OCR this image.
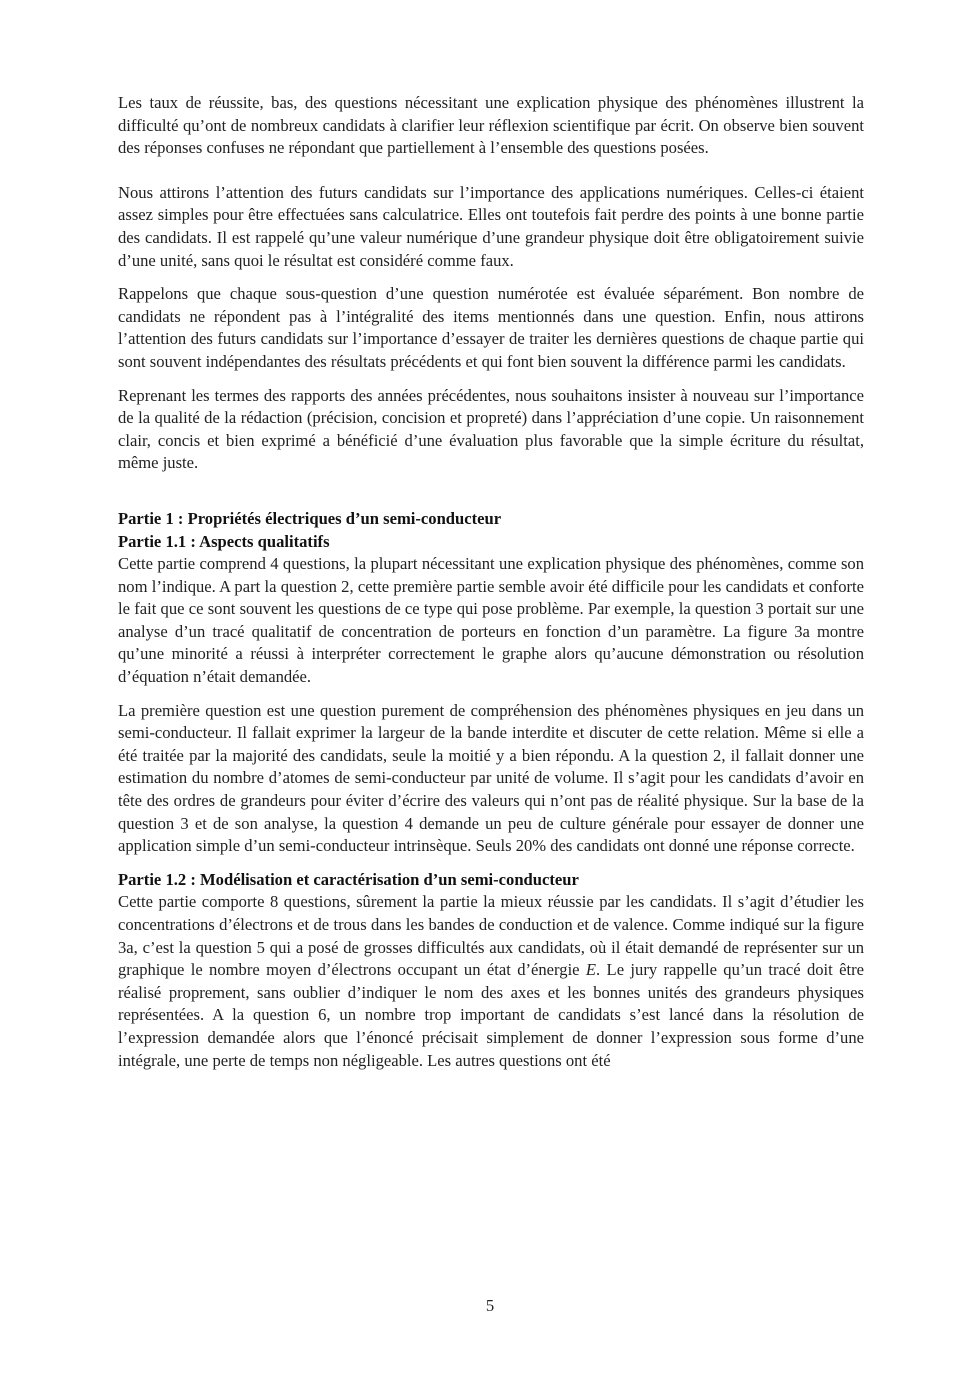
Les taux de réussite, bas, des questions nécessitant une explication physique des phénomènes illustrent la difficulté qu’ont de nombreux candidats à clarifier leur réflexion scientifique par écrit. On observe bien souvent des réponses confuses ne répondant que partiellement à l’ensemble des questions posées.

Nous attirons l’attention des futurs candidats sur l’importance des applications numériques. Celles-ci étaient assez simples pour être effectuées sans calculatrice. Elles ont toutefois fait perdre des points à une bonne partie des candidats. Il est rappelé qu’une valeur numérique d’une grandeur physique doit être obligatoirement suivie d’une unité, sans quoi le résultat est considéré comme faux.

Rappelons que chaque sous-question d’une question numérotée est évaluée séparément. Bon nombre de candidats ne répondent pas à l’intégralité des items mentionnés dans une question. Enfin, nous attirons l’attention des futurs candidats sur l’importance d’essayer de traiter les dernières questions de chaque partie qui sont souvent indépendantes des résultats précédents et qui font bien souvent la différence parmi les candidats.

Reprenant les termes des rapports des années précédentes, nous souhaitons insister à nouveau sur l’importance de la qualité de la rédaction (précision, concision et propreté) dans l’appréciation d’une copie. Un raisonnement clair, concis et bien exprimé a bénéficié d’une évaluation plus favorable que la simple écriture du résultat, même juste.

Partie 1 : Propriétés électriques d’un semi-conducteur

Partie 1.1 : Aspects qualitatifs

Cette partie comprend 4 questions, la plupart nécessitant une explication physique des phénomènes, comme son nom l’indique. A part la question 2, cette première partie semble avoir été difficile pour les candidats et conforte le fait que ce sont souvent les questions de ce type qui pose problème. Par exemple, la question 3 portait sur une analyse d’un tracé qualitatif de concentration de porteurs en fonction d’un paramètre. La figure 3a montre qu’une minorité a réussi à interpréter correctement le graphe alors qu’aucune démonstration ou résolution d’équation n’était demandée.

La première question est une question purement de compréhension des phénomènes physiques en jeu dans un semi-conducteur. Il fallait exprimer la largeur de la bande interdite et discuter de cette relation. Même si elle a été traitée par la majorité des candidats, seule la moitié y a bien répondu. A la question 2, il fallait donner une estimation du nombre d’atomes de semi-conducteur par unité de volume. Il s’agit pour les candidats d’avoir en tête des ordres de grandeurs pour éviter d’écrire des valeurs qui n’ont pas de réalité physique. Sur la base de la question 3 et de son analyse, la question 4 demande un peu de culture générale pour essayer de donner une application simple d’un semi-conducteur intrinsèque. Seuls 20% des candidats ont donné une réponse correcte.

Partie 1.2 : Modélisation et caractérisation d’un semi-conducteur

Cette partie comporte 8 questions, sûrement la partie la mieux réussie par les candidats. Il s’agit d’étudier les concentrations d’électrons et de trous dans les bandes de conduction et de valence. Comme indiqué sur la figure 3a, c’est la question 5 qui a posé de grosses difficultés aux candidats, où il était demandé de représenter sur un graphique le nombre moyen d’électrons occupant un état d’énergie E. Le jury rappelle qu’un tracé doit être réalisé proprement, sans oublier d’indiquer le nom des axes et les bonnes unités des grandeurs physiques représentées. A la question 6, un nombre trop important de candidats s’est lancé dans la résolution de l’expression demandée alors que l’énoncé précisait simplement de donner l’expression sous forme d’une intégrale, une perte de temps non négligeable. Les autres questions ont été

5
